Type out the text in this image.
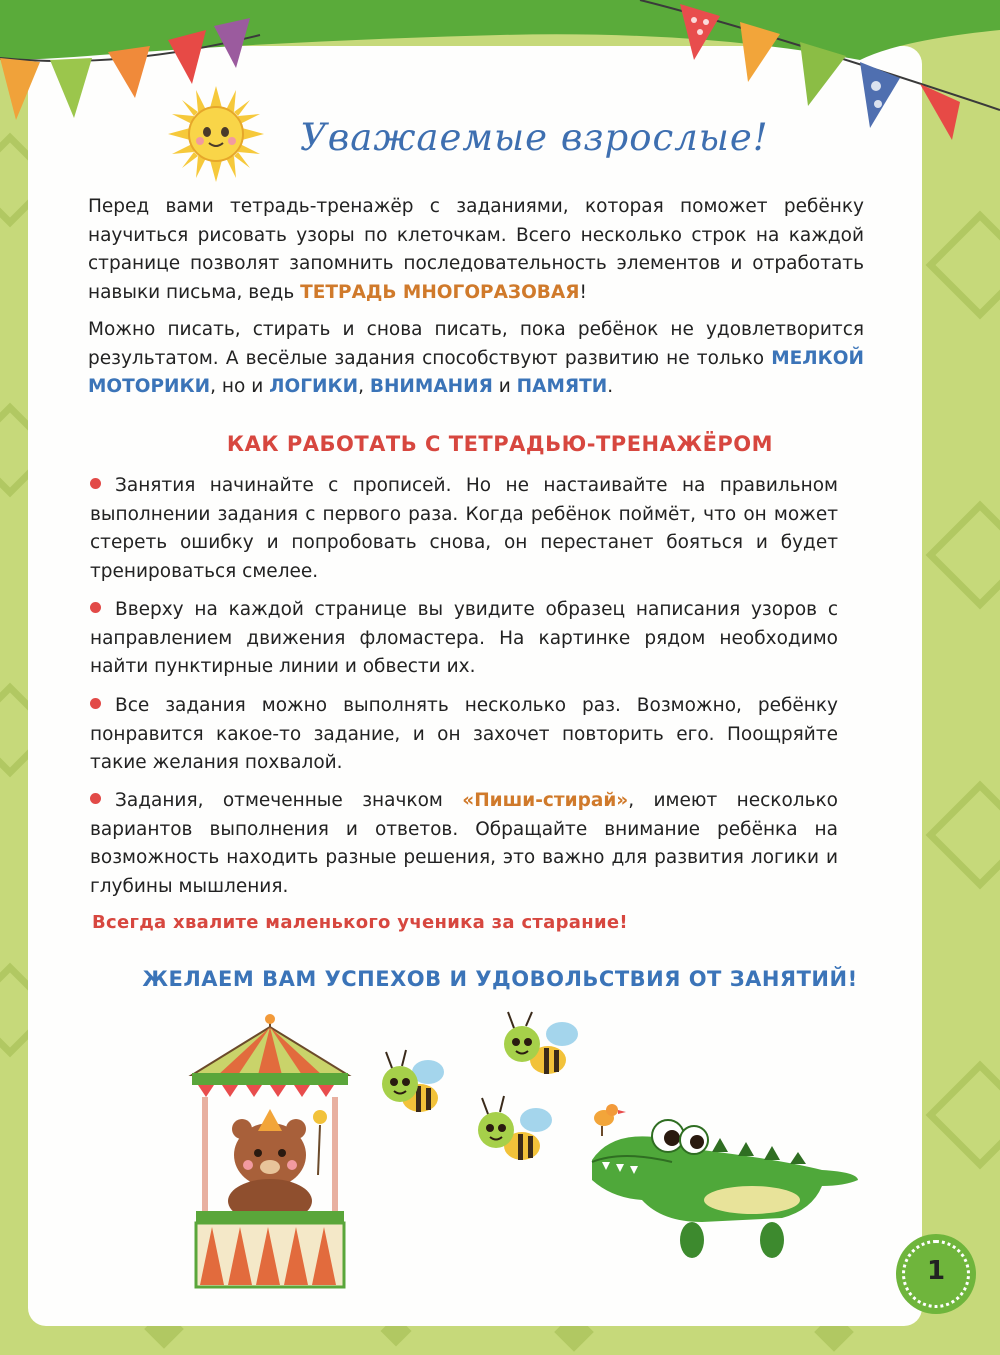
Уважаемые взрослые!
Перед вами тетрадь-тренажёр с заданиями, которая поможет ребёнку научиться рисовать узоры по клеточкам. Всего несколько строк на каждой странице позволят запомнить последовательность элементов и отработать навыки письма, ведь ТЕТРАДЬ МНОГОРАЗОВАЯ!
Можно писать, стирать и снова писать, пока ребёнок не удовлетворится результатом. А весёлые задания способствуют развитию не только МЕЛКОЙ МОТОРИКИ, но и ЛОГИКИ, ВНИМАНИЯ и ПАМЯТИ.
КАК РАБОТАТЬ С ТЕТРАДЬЮ-ТРЕНАЖЁРОМ
Занятия начинайте с прописей. Но не настаивайте на правильном выполнении задания с первого раза. Когда ребёнок поймёт, что он может стереть ошибку и попробовать снова, он перестанет бояться и будет тренироваться смелее.
Вверху на каждой странице вы увидите образец написания узоров с направлением движения фломастера. На картинке рядом необходимо найти пунктирные линии и обвести их.
Все задания можно выполнять несколько раз. Возможно, ребёнку понравится какое-то задание, и он захочет повторить его. Поощряйте такие желания похвалой.
Задания, отмеченные значком «Пиши-стирай», имеют несколько вариантов выполнения и ответов. Обращайте внимание ребёнка на возможность находить разные решения, это важно для развития логики и глубины мышления.
Всегда хвалите маленького ученика за старание!
ЖЕЛАЕМ ВАМ УСПЕХОВ И УДОВОЛЬСТВИЯ ОТ ЗАНЯТИЙ!
1
